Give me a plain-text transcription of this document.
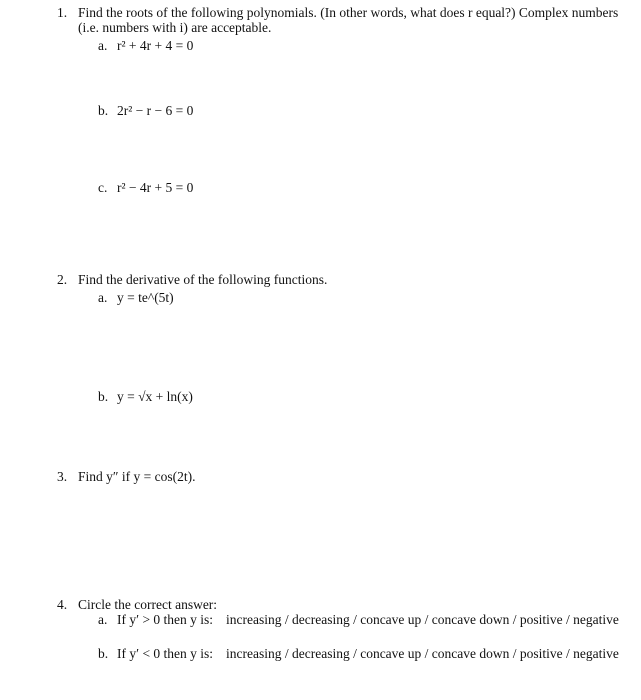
1. Find the roots of the following polynomials. (In other words, what does r equal?) Complex numbers
(i.e. numbers with i) are acceptable.
a. r² + 4r + 4 = 0
b. 2r² − r − 6 = 0
c. r² − 4r + 5 = 0
2. Find the derivative of the following functions.
a. y = te^(5t)
b. y = √x + ln(x)
3. Find y″ if y = cos(2t).
4. Circle the correct answer:
a. If y′ > 0 then y is: increasing / decreasing / concave up / concave down / positive / negative
b. If y′ < 0 then y is: increasing / decreasing / concave up / concave down / positive / negative
